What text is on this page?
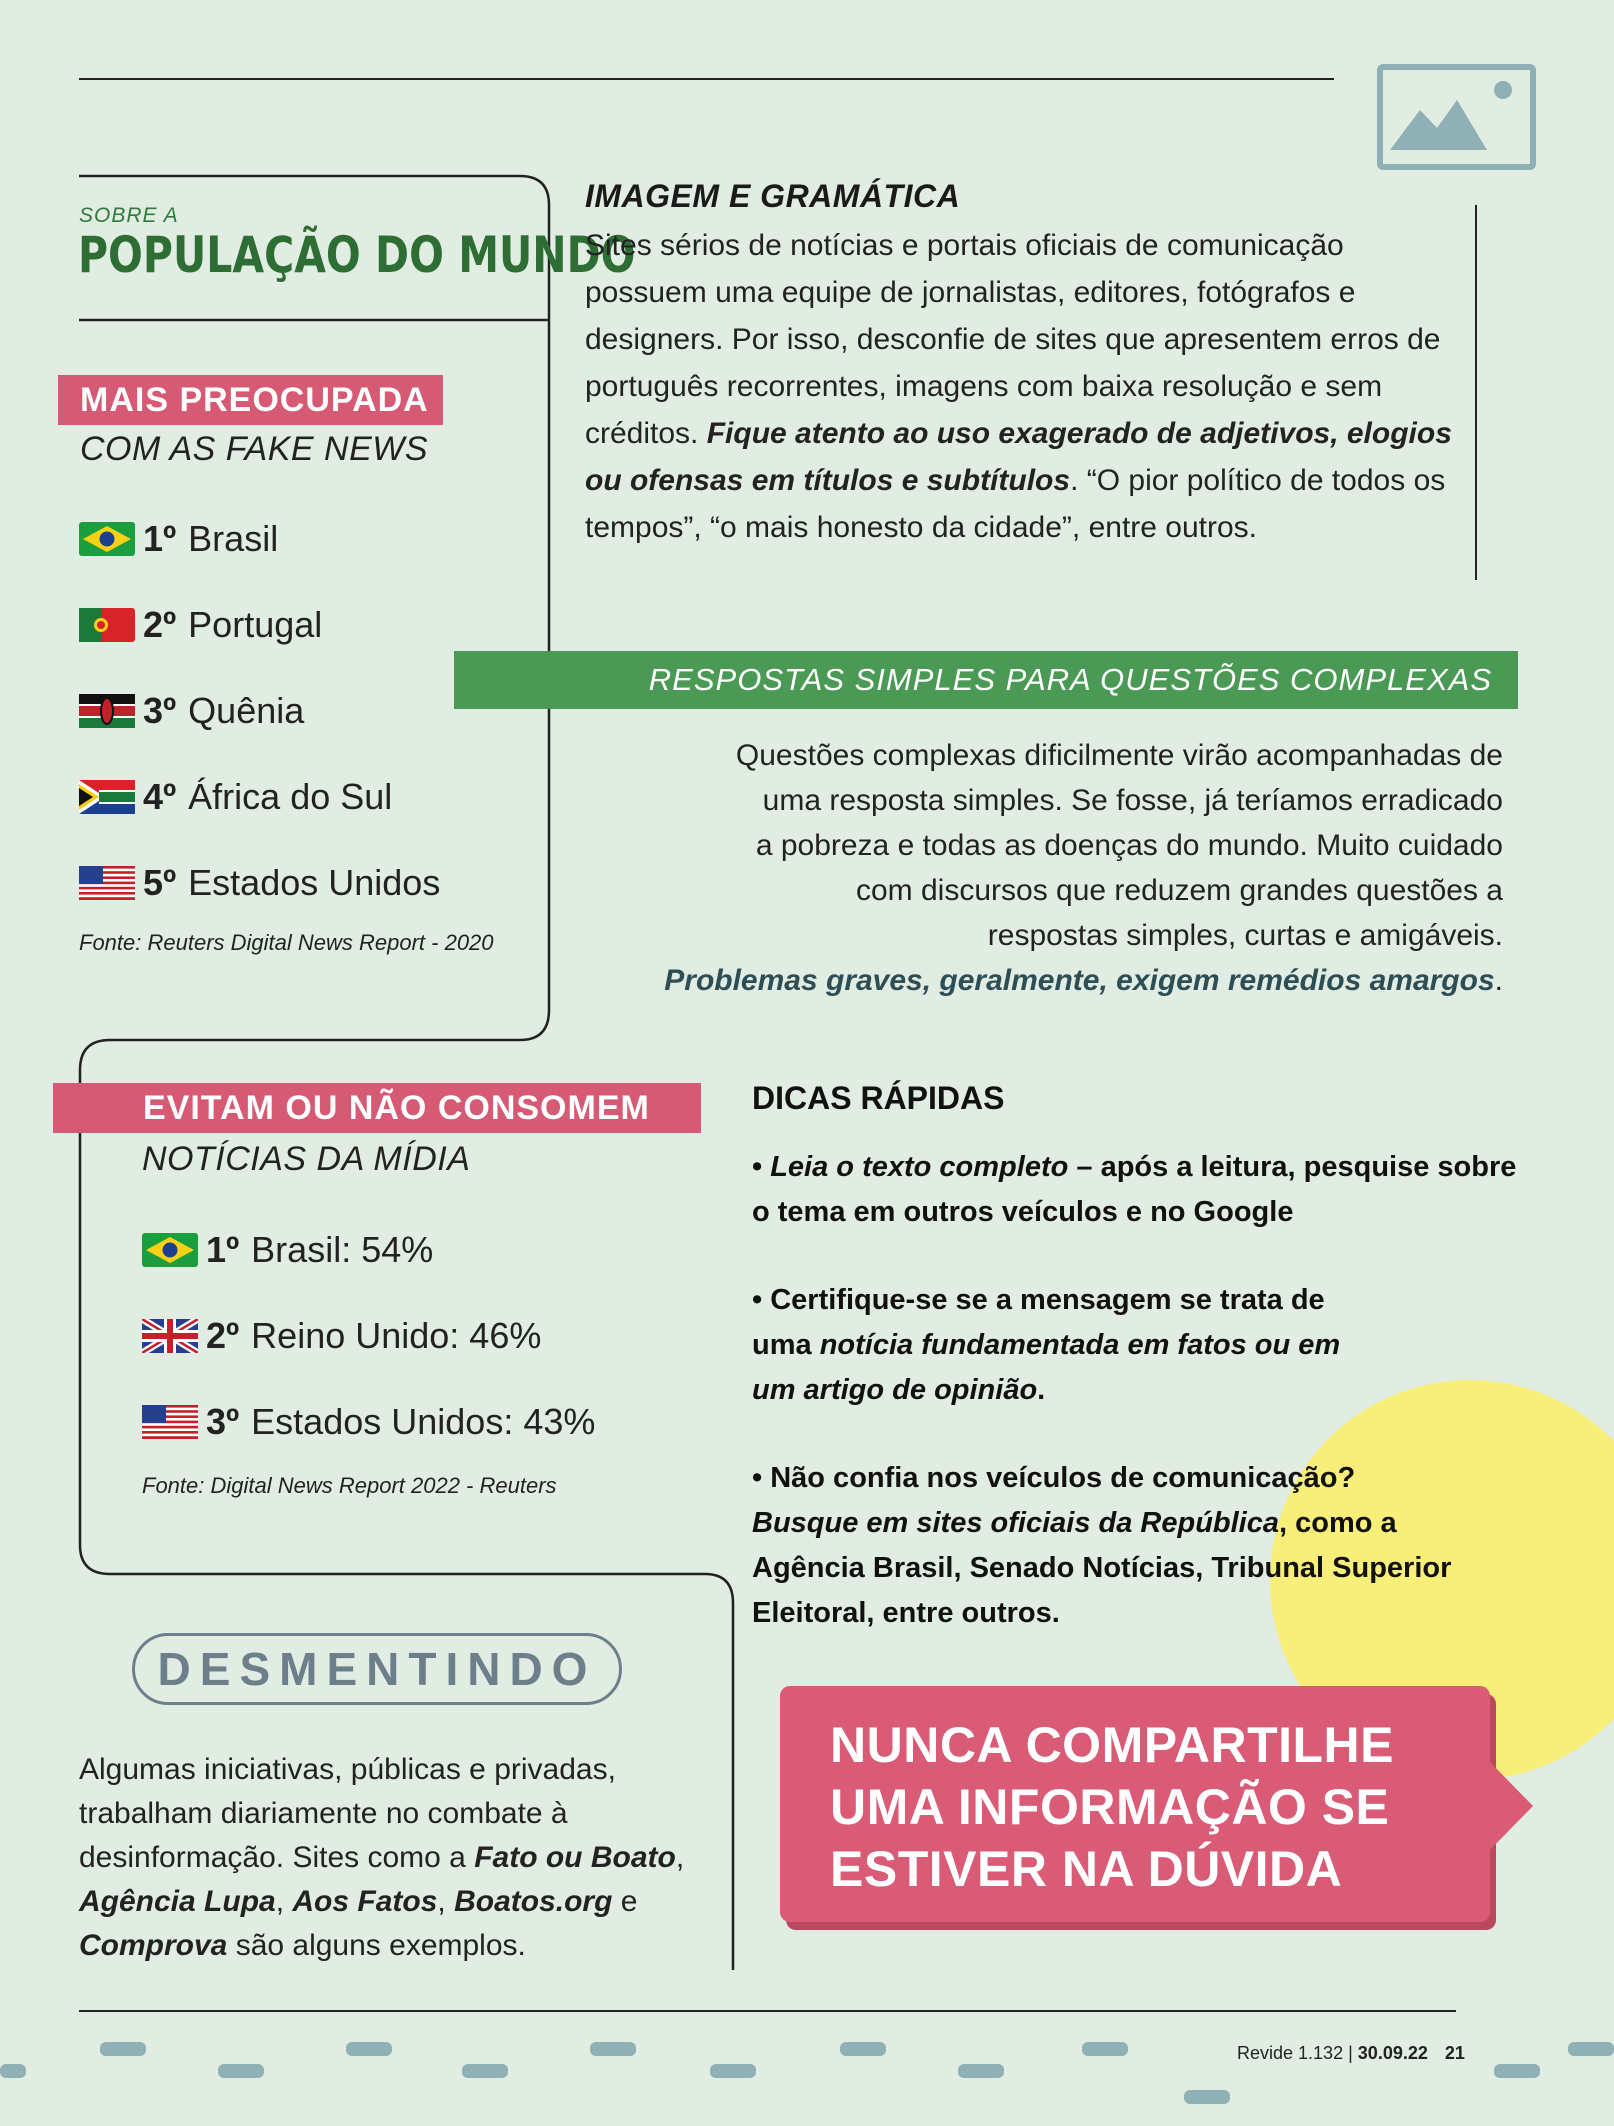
SOBRE A
POPULAÇÃO DO MUNDO
MAIS PREOCUPADA
COM AS FAKE NEWS
1º Brasil
2º Portugal
3º Quênia
4º África do Sul
5º Estados Unidos
Fonte: Reuters Digital News Report - 2020
EVITAM OU NÃO CONSOMEM
NOTÍCIAS DA MÍDIA
1º Brasil: 54%
2º Reino Unido: 46%
3º Estados Unidos: 43%
Fonte: Digital News Report 2022 - Reuters
IMAGEM E GRAMÁTICA
Sites sérios de notícias e portais oficiais de comunicação possuem uma equipe de jornalistas, editores, fotógrafos e designers. Por isso, desconfie de sites que apresentem erros de português recorrentes, imagens com baixa resolução e sem créditos. Fique atento ao uso exagerado de adjetivos, elogios ou ofensas em títulos e subtítulos. “O pior político de todos os tempos”, “o mais honesto da cidade”, entre outros.
RESPOSTAS SIMPLES PARA QUESTÕES COMPLEXAS
Questões complexas dificilmente virão acompanhadas de
uma resposta simples. Se fosse, já teríamos erradicado
a pobreza e todas as doenças do mundo. Muito cuidado
com discursos que reduzem grandes questões a
respostas simples, curtas e amigáveis.
Problemas graves, geralmente, exigem remédios amargos.
DICAS RÁPIDAS
• Leia o texto completo – após a leitura, pesquise sobre o tema em outros veículos e no Google
• Certifique-se se a mensagem se trata de uma notícia fundamentada em fatos ou em um artigo de opinião.
• Não confia nos veículos de comunicação? Busque em sites oficiais da República, como a Agência Brasil, Senado Notícias, Tribunal Superior Eleitoral, entre outros.
DESMENTINDO
Algumas iniciativas, públicas e privadas, trabalham diariamente no combate à desinformação. Sites como a Fato ou Boato, Agência Lupa, Aos Fatos, Boatos.org e Comprova são alguns exemplos.
NUNCA COMPARTILHE
UMA INFORMAÇÃO SE
ESTIVER NA DÚVIDA
Revide 1.132 | 30.09.22 21
